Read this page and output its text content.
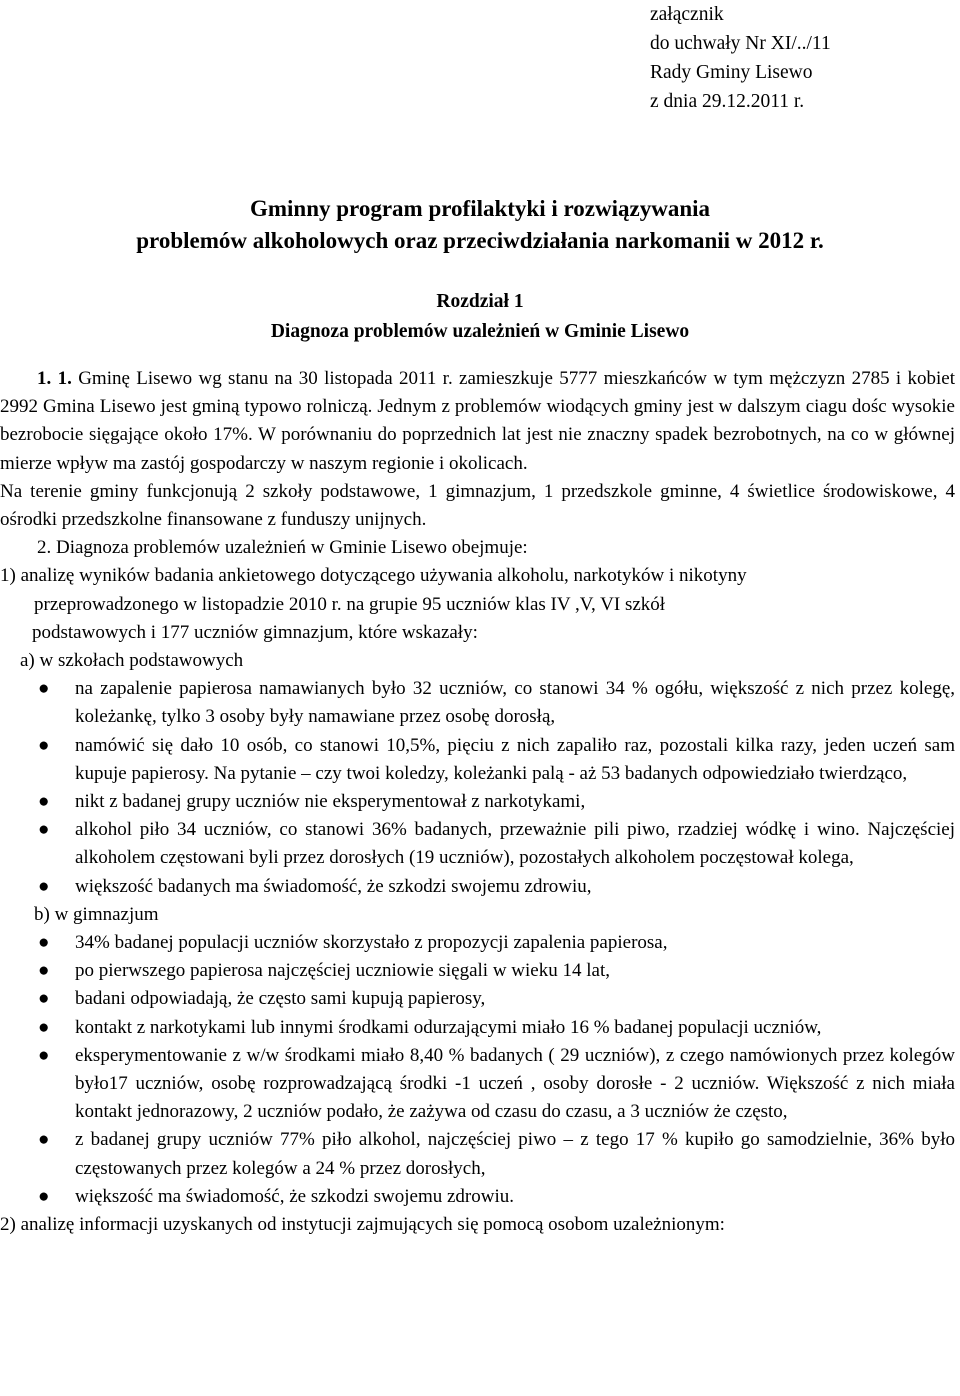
załącznik
do uchwały Nr XI/../11
Rady Gminy Lisewo
z dnia 29.12.2011 r.
Gminny program profilaktyki i rozwiązywania
problemów alkoholowych oraz przeciwdziałania narkomanii w 2012 r.
Rozdział 1
Diagnoza problemów uzależnień w Gminie Lisewo
1. 1. Gminę Lisewo wg stanu na 30 listopada 2011 r. zamieszkuje 5777 mieszkańców w tym mężczyzn 2785 i kobiet 2992 Gmina Lisewo jest gminą typowo rolniczą. Jednym z problemów wiodących gminy jest w dalszym ciagu dośc wysokie bezrobocie sięgające około 17%. W porównaniu do poprzednich lat jest nie znaczny spadek bezrobotnych, na co w głównej mierze wpływ ma zastój gospodarczy w naszym regionie i okolicach.
Na terenie gminy funkcjonują 2 szkoły podstawowe, 1 gimnazjum, 1 przedszkole gminne, 4 świetlice środowiskowe, 4 ośrodki przedszkolne finansowane z funduszy unijnych.
2. Diagnoza problemów uzależnień w Gminie Lisewo obejmuje:
1) analizę wyników badania ankietowego dotyczącego używania alkoholu, narkotyków i nikotyny
przeprowadzonego w listopadzie 2010 r. na grupie 95 uczniów klas IV ,V, VI szkół
podstawowych i 177 uczniów gimnazjum, które wskazały:
a) w szkołach podstawowych
● na zapalenie papierosa namawianych było 32 uczniów, co stanowi 34 % ogółu, większość z nich przez kolegę, koleżankę, tylko 3 osoby były namawiane przez osobę dorosłą,
● namówić się dało 10 osób, co stanowi 10,5%, pięciu z nich zapaliło raz, pozostali kilka razy, jeden uczeń sam kupuje papierosy. Na pytanie – czy twoi koledzy, koleżanki palą - aż 53 badanych odpowiedziało twierdząco,
● nikt z badanej grupy uczniów nie eksperymentował z narkotykami,
● alkohol piło 34 uczniów, co stanowi 36% badanych, przeważnie pili piwo, rzadziej wódkę i wino. Najczęściej alkoholem częstowani byli przez dorosłych (19 uczniów), pozostałych alkoholem poczęstował kolega,
● większość badanych ma świadomość, że szkodzi swojemu zdrowiu,
b) w gimnazjum
● 34% badanej populacji uczniów skorzystało z propozycji zapalenia papierosa,
● po pierwszego papierosa najczęściej uczniowie sięgali w wieku 14 lat,
● badani odpowiadają, że często sami kupują papierosy,
● kontakt z narkotykami lub innymi środkami odurzającymi miało 16 % badanej populacji uczniów,
● eksperymentowanie z w/w środkami miało 8,40 % badanych ( 29 uczniów), z czego namówionych przez kolegów było17 uczniów, osobę rozprowadzającą środki -1 uczeń , osoby dorosłe - 2 uczniów. Większość z nich miała kontakt jednorazowy, 2 uczniów podało, że zażywa od czasu do czasu, a 3 uczniów że często,
● z badanej grupy uczniów 77% piło alkohol, najczęściej piwo – z tego 17 % kupiło go samodzielnie, 36% było częstowanych przez kolegów a 24 % przez dorosłych,
● większość ma świadomość, że szkodzi swojemu zdrowiu.
2) analizę informacji uzyskanych od instytucji zajmujących się pomocą osobom uzależnionym:
